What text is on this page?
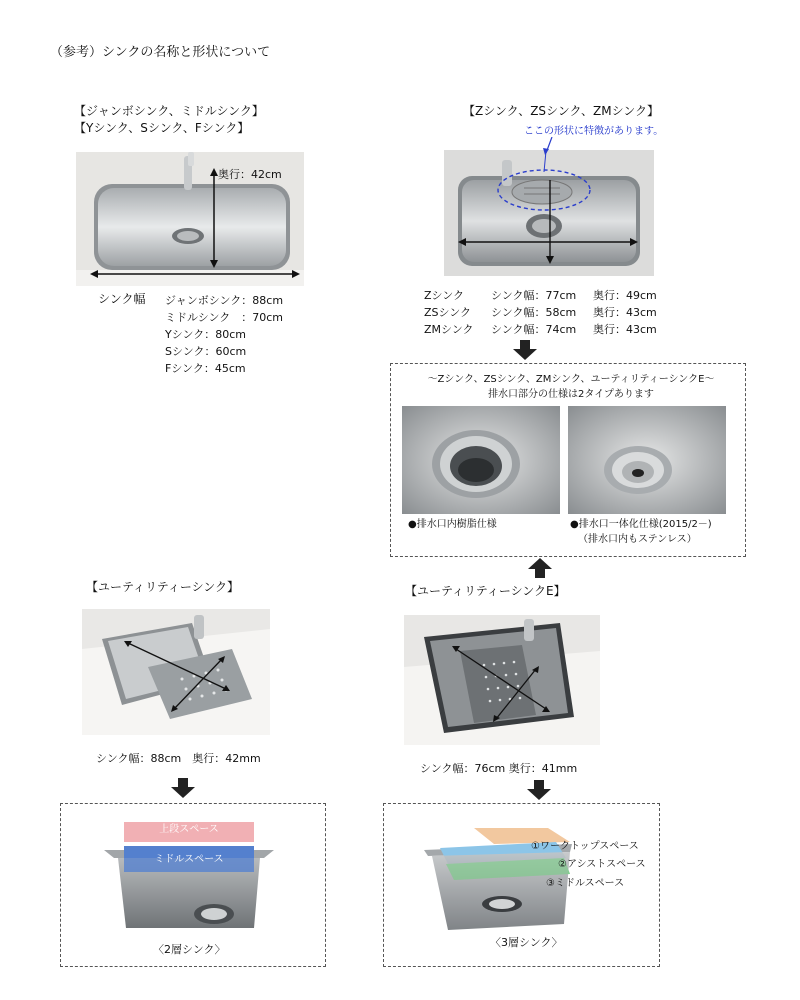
（参考）シンクの名称と形状について
【ジャンボシンク、ミドルシンク】
【Yシンク、Sシンク、Fシンク】
奥行：42cm
シンク幅 ジャンボシンク：88cm
ミドルシンク　：70cm
Yシンク：80cm
Sシンク：60cm
Fシンク：45cm
【Zシンク、ZSシンク、ZMシンク】
ここの形状に特徴があります。
Zシンク シンク幅：77cm 奥行：49cm
ZSシンク シンク幅：58cm 奥行：43cm
ZMシンク シンク幅：74cm 奥行：43cm
～Zシンク、ZSシンク、ZMシンク、ユーティリティーシンクE～
排水口部分の仕様は2タイプあります
●排水口内樹脂仕様	●排水口一体化仕様(2015/2－)
（排水口内もステンレス）
【ユーティリティーシンク】
シンク幅：88cm　奥行：42mm
上段スペース
ミドルスペース
〈2層シンク〉
【ユーティリティーシンクE】
シンク幅：76cm 奥行：41mm
①ワークトップスペース
②アシストスペース
③ミドルスペース
〈3層シンク〉
